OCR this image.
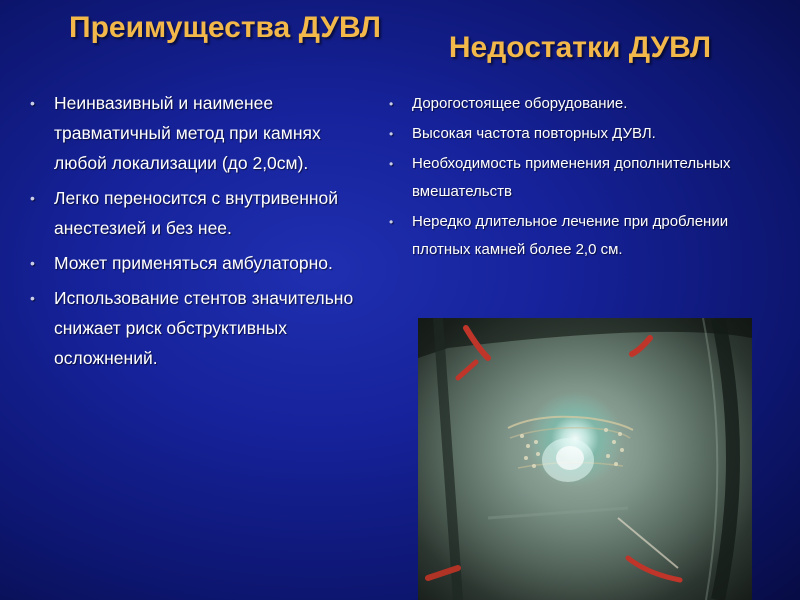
Преимущества ДУВЛ
Недостатки ДУВЛ
• Неинвазивный и наименее травматичный метод при камнях любой локализации (до 2,0см).
• Легко переносится с внутривенной анестезией и без нее.
• Может применяться амбулаторно.
• Использование стентов значительно снижает риск обструктивных осложнений.
• Дорогостоящее оборудование.
• Высокая частота повторных ДУВЛ.
• Необходимость применения дополнительных вмешательств
• Нередко длительное лечение при дроблении плотных камней более 2,0 см.
